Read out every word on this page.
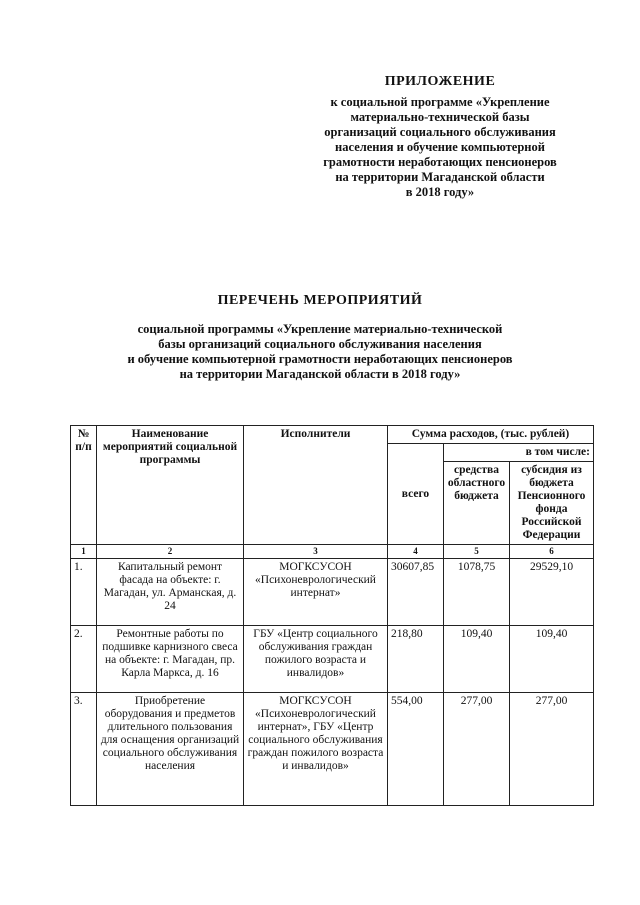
ПРИЛОЖЕНИЕ
к социальной программе «Укрепление
материально-технической базы
организаций социального обслуживания
населения и обучение компьютерной
грамотности неработающих пенсионеров
на территории Магаданской области
в 2018 году»
ПЕРЕЧЕНЬ МЕРОПРИЯТИЙ
социальной программы «Укрепление материально-технической
базы организаций социального обслуживания населения
и обучение компьютерной грамотности неработающих пенсионеров
на территории Магаданской области в 2018 году»
№ п/п	Наименование мероприятий социальной программы	Исполнители	Сумма расходов, (тыс. рублей)		
			всего	в том числе:	
				средства областного бюджета	субсидия из бюджета Пенсионного фонда Российской Федерации
1	2	3	4	5	6
1.	Капитальный ремонт фасада на объекте: г. Магадан, ул. Арманская, д. 24	МОГКСУСОН «Психоневрологический интернат»	30607,85	1078,75	29529,10
2.	Ремонтные работы по подшивке карнизного свеса на объекте: г. Магадан, пр. Карла Маркса, д. 16	ГБУ «Центр социального обслуживания граждан пожилого возраста и инвалидов»	218,80	109,40	109,40
3.	Приобретение оборудования и предметов длительного пользования для оснащения организаций социального обслуживания населения	МОГКСУСОН «Психоневрологический интернат», ГБУ «Центр социального обслуживания граждан пожилого возраста и инвалидов»	554,00	277,00	277,00
